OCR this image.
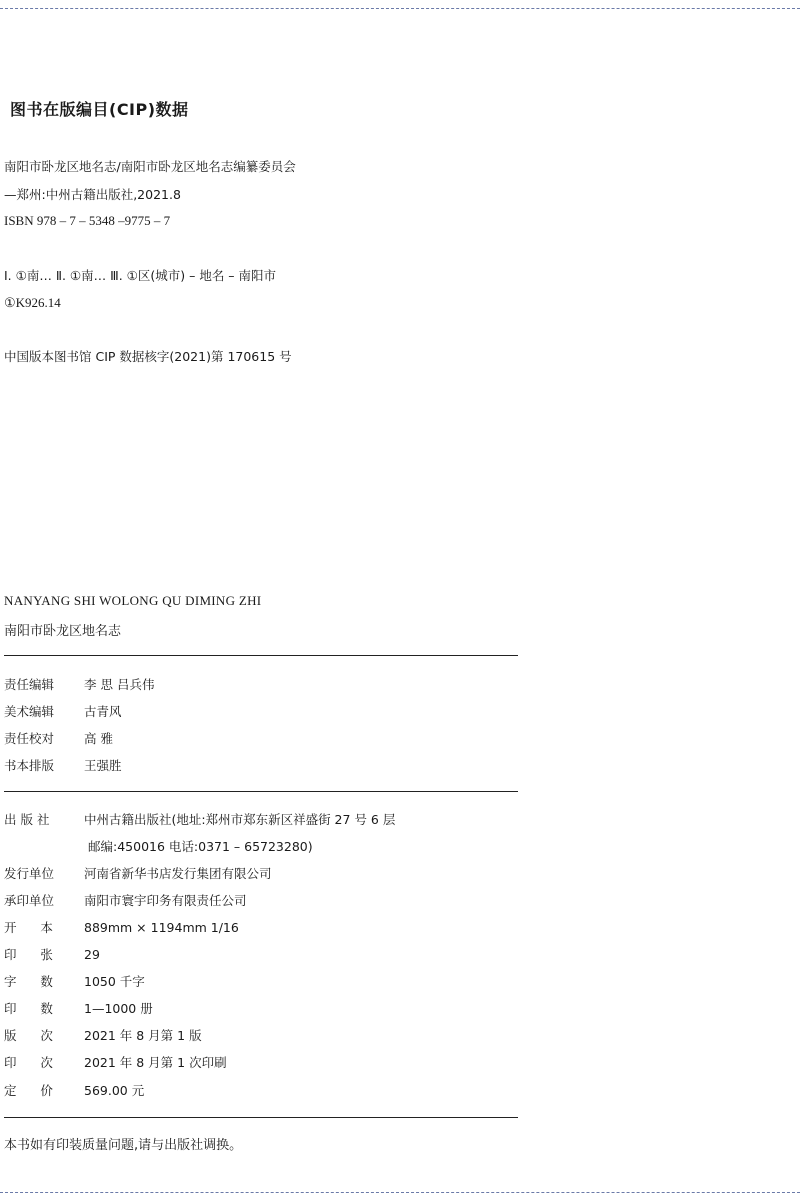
图书在版编目(CIP)数据
南阳市卧龙区地名志/南阳市卧龙区地名志编纂委员会
—郑州:中州古籍出版社,2021.8
ISBN 978 – 7 – 5348 –9775 – 7
Ⅰ. ①南… Ⅱ. ①南… Ⅲ. ①区(城市) – 地名 – 南阳市
①K926.14
中国版本图书馆 CIP 数据核字(2021)第 170615 号
NANYANG SHI WOLONG QU DIMING ZHI
南阳市卧龙区地名志
责任编辑 李 思 吕兵伟
美术编辑 古青风
责任校对 高 雅
书本排版 王强胜
出 版 社	中州古籍出版社(地址:郑州市郑东新区祥盛街 27 号 6 层
邮编:450016 电话:0371 – 65723280)
发行单位 河南省新华书店发行集团有限公司
承印单位 南阳市寰宇印务有限责任公司
开      本 889mm × 1194mm 1/16
印      张 29
字      数 1050 千字
印      数 1—1000 册
版      次 2021 年 8 月第 1 版
印      次 2021 年 8 月第 1 次印刷
定      价 569.00 元
本书如有印装质量问题,请与出版社调换。
